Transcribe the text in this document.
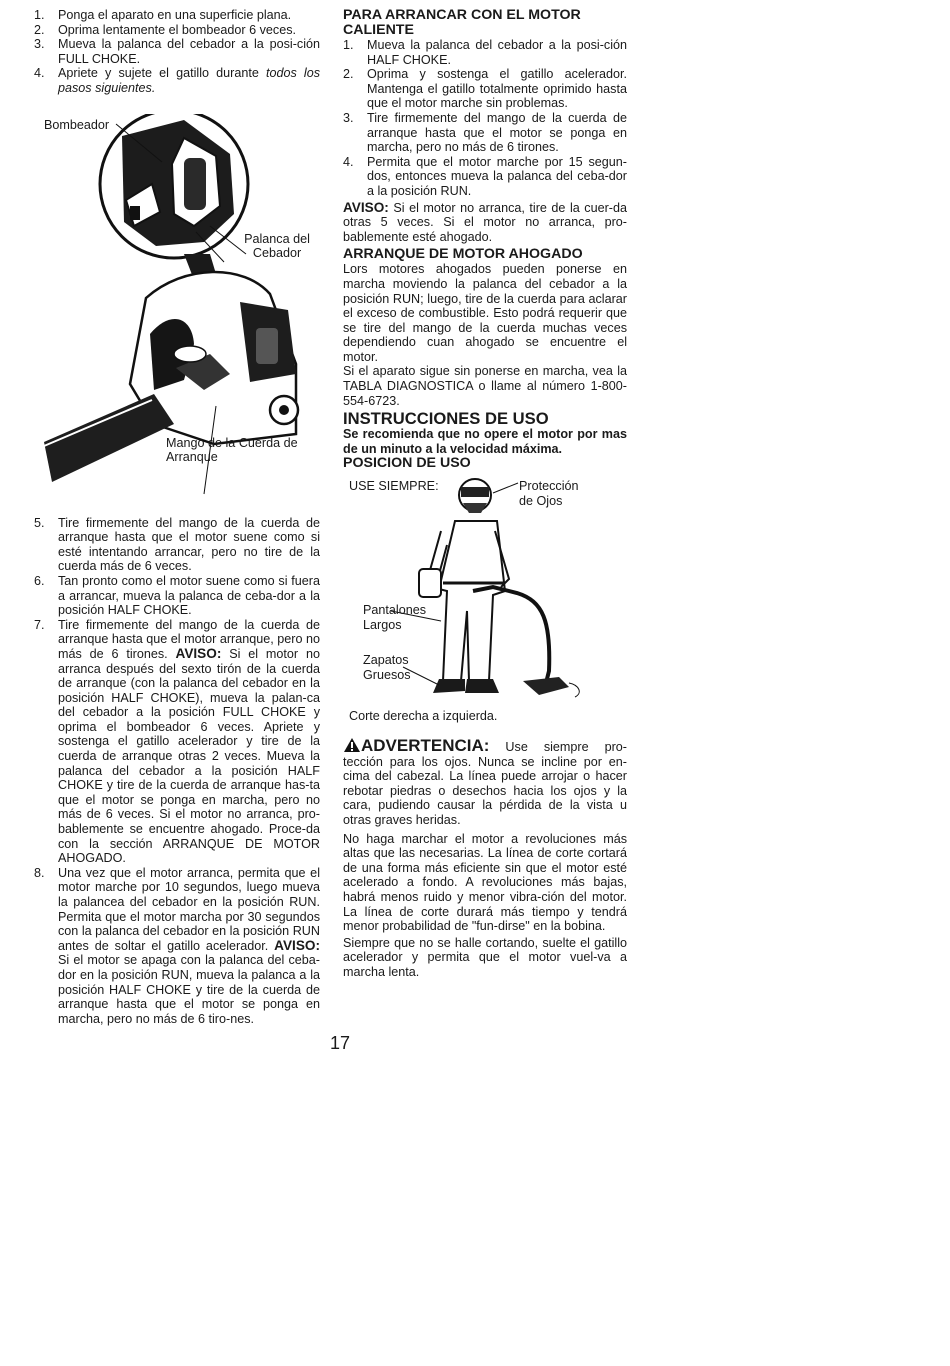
1.	Ponga el aparato en una superficie plana.
2.	Oprima lentamente el bombeador 6 veces.
3.	Mueva la palanca del cebador a la posi-ción FULL CHOKE.
4.	Apriete y sujete el gatillo durante todos los pasos siguientes.
Bombeador
Palanca del Cebador
Mango de la Cuerda de Arranque
5.	Tire firmemente del mango de la cuerda de arranque hasta que el motor suene como si esté intentando arrancar, pero no tire de la cuerda más de 6 veces.
6.	Tan pronto como el motor suene como si fuera a arrancar, mueva la palanca de ceba-dor a la posición HALF CHOKE.
7.	Tire firmemente del mango de la cuerda de arranque hasta que el motor arranque, pero no más de 6 tirones. AVISO: Si el motor no arranca después del sexto tirón de la cuerda de arranque (con la palanca del cebador en la posición HALF CHOKE), mueva la palan-ca del cebador a la posición FULL CHOKE y oprima el bombeador 6 veces. Apriete y sostenga el gatillo acelerador y tire de la cuerda de arranque otras 2 veces. Mueva la palanca del cebador a la posición HALF CHOKE y tire de la cuerda de arranque has-ta que el motor se ponga en marcha, pero no más de 6 veces. Si el motor no arranca, pro-bablemente se encuentre ahogado. Proce-da con la sección ARRANQUE DE MOTOR AHOGADO.
8.	Una vez que el motor arranca, permita que el motor marche por 10 segundos, luego mueva la palancea del cebador en la posición RUN. Permita que el motor marcha por 30 segundos con la palanca del cebador en la posición RUN antes de soltar el gatillo acelerador. AVISO: Si el motor se apaga con la palanca del ceba-dor en la posición RUN, mueva la palanca a la posición HALF CHOKE y tire de la cuerda de arranque hasta que el motor se ponga en marcha, pero no más de 6 tiro-nes.
PARA ARRANCAR CON EL MOTOR CALIENTE
1.	Mueva la palanca del cebador a la posi-ción HALF CHOKE.
2.	Oprima y sostenga el gatillo acelerador. Mantenga el gatillo totalmente oprimido hasta que el motor marche sin problemas.
3.	Tire firmemente del mango de la cuerda de arranque hasta que el motor se ponga en marcha, pero no más de 6 tirones.
4.	Permita que el motor marche por 15 segun-dos, entonces mueva la palanca del ceba-dor a la posición RUN.

AVISO: Si el motor no arranca, tire de la cuer-da otras 5 veces. Si el motor no arranca, pro-bablemente esté ahogado.

ARRANQUE DE MOTOR AHOGADO

Lors motores ahogados pueden ponerse en marcha moviendo la palanca del cebador a la posición RUN; luego, tire de la cuerda para aclarar el exceso de combustible. Esto podrá requerir que se tire del mango de la cuerda muchas veces dependiendo cuan ahogado se encuentre el motor.

Si el aparato sigue sin ponerse en marcha, vea la TABLA DIAGNOSTICA o llame al número 1-800-554-6723.

INSTRUCCIONES DE USO

Se recomienda que no opere el motor por mas de un minuto a la velocidad máxima.

POSICION DE USO
USE SIEMPRE:	Protección de Ojos
Pantalones Largos
Zapatos Gruesos
Corte derecha a izquierda.

ADVERTENCIA: Use siempre pro-tección para los ojos. Nunca se incline por en-cima del cabezal. La línea puede arrojar o hacer rebotar piedras o desechos hacia los ojos y la cara, pudiendo causar la pérdida de la vista u otras graves heridas.

No haga marchar el motor a revoluciones más altas que las necesarias. La línea de corte cortará de una forma más eficiente sin que el motor esté acelerado a fondo. A revoluciones más bajas, habrá menos ruido y menor vibra-ción del motor. La línea de corte durará más tiempo y tendrá menor probabilidad de "fun-dirse" en la bobina.

Siempre que no se halle cortando, suelte el gatillo acelerador y permita que el motor vuel-va a marcha lenta.

17
